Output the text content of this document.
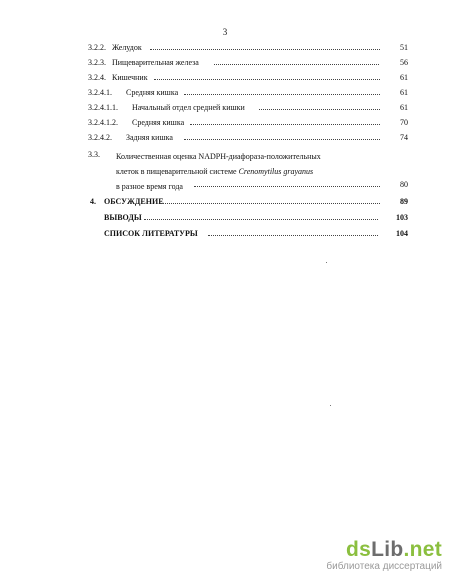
3
3.2.2. Желудок	51
3.2.3. Пищеварительная железа	56
3.2.4. Кишечник	61
3.2.4.1. Средняя кишка	61
3.2.4.1.1. Начальный отдел средней кишки	61
3.2.4.1.2. Средняя кишка	70
3.2.4.2. Задняя кишка	74
3.3. Количественная оценка NADPH-диафораза-положительных
клеток в пищеварительной системе Crenomytilus grayanus
в разное время года	80
4. ОБСУЖДЕНИЕ	89
ВЫВОДЫ	103
СПИСОК ЛИТЕРАТУРЫ	104
dsLib.net
библиотека диссертаций
